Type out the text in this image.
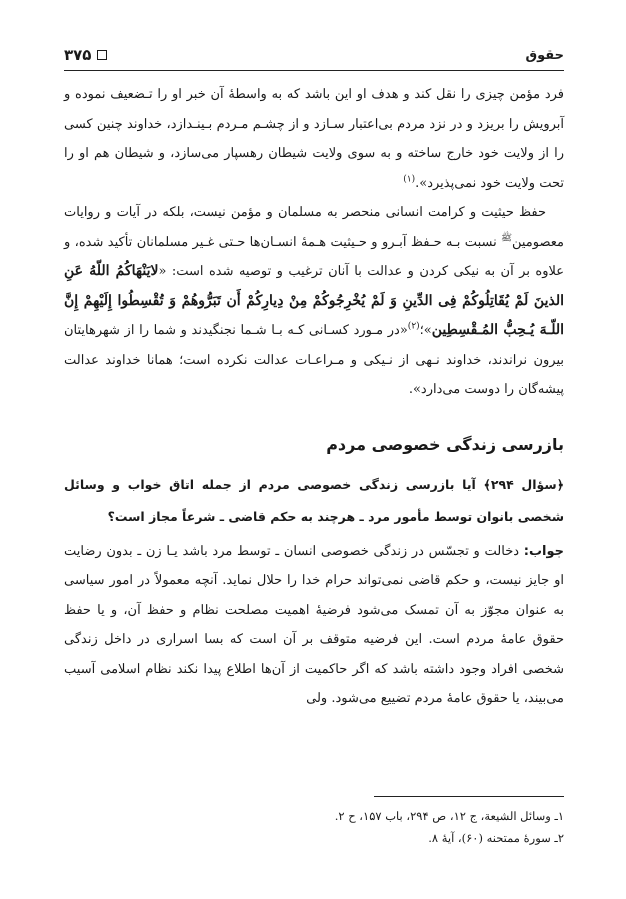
۳۷۵	حقوق

فرد مؤمن چیزی را نقل کند و هدف او این باشد که به واسطهٔ آن خبر او را تـضعیف نموده و آبرویش را بریزد و در نزد مردم بی‌اعتبار سـازد و از چشـم مـردم بـینـدازد، خداوند چنین کسی را از ولایت خود خارج ساخته و به سوی ولایت شیطان رهسپار می‌سازد، و شیطان هم او را تحت ولایت خود نمی‌پذیرد».$^{(۱)}$

حفظ حیثیت و کرامت انسانی منحصر به مسلمان و مؤمن نیست، بلکه در آیات و روایات معصومین$^ﷺ$ نسبت بـه حـفظ آبـرو و حـیثیت هـمهٔ انسـان‌ها حـتی غـیر مسلمانان تأکید شده، و علاوه بر آن به نیکی کردن و عدالت با آنان ترغیب و توصیه شده است: «لایَنْهَاكُمُ اللّهُ عَنِ الذینَ لَمْ يُقَاتِلُوكُمْ فِى الدِّينِ وَ لَمْ يُخْرِجُوكُمْ مِنْ دِيارِكُمْ أَن تَبَرُّوهُمْ وَ تُقْسِطُوا إِلَيْهِمْ إِنَّ اللّـهَ يُـحِبُّ المُـقْسِطِين»؛$^{(۲)}$«در مـورد کسـانی کـه بـا شـما نجنگیدند و شما را از شهرهایتان بیرون نراندند، خداوند نـهی از نـیکی و مـراعـات عدالت نکرده است؛ همانا خداوند عدالت پیشه‌گان را دوست می‌دارد».

بازرسی زندگی خصوصی مردم

﴿سؤال ۲۹۴﴾ آیا بازرسی زندگی خصوصی مردم از جمله اتاق خواب و وسائل شخصی بانوان توسط مأمور مرد ـ هرچند به حکم قاضی ـ شرعاً مجاز است؟

جواب: دخالت و تجسّس در زندگی خصوصی انسان ـ توسط مرد باشد یـا زن ـ بدون رضایت او جایز نیست، و حکم قاضی نمی‌تواند حرام خدا را حلال نماید. آنچه معمولاً در امور سیاسی به عنوان مجوّز به آن تمسک می‌شود فرضیهٔ اهمیت مصلحت نظام و حفظ آن، و یا حفظ حقوق عامهٔ مردم است. این فرضیه متوقف بر آن است که بسا اسراری در داخل زندگی شخصی افراد وجود داشته باشد که اگر حاکمیت از آن‌ها اطلاع پیدا نکند نظام اسلامی آسیب می‌بیند، یا حقوق عامهٔ مردم تضییع می‌شود. ولی

۱ـ وسائل الشیعة، ج ۱۲، ص ۲۹۴، باب ۱۵۷، ح ۲.

۲ـ سورهٔ ممتحنه (۶۰)، آیهٔ ۸.
